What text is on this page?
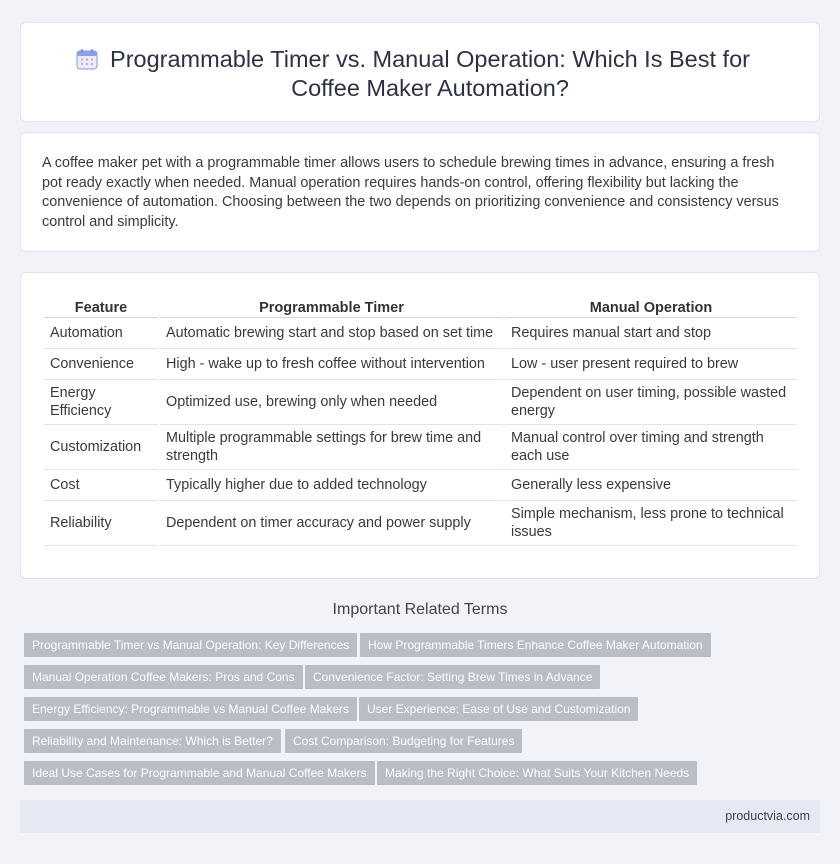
Programmable Timer vs. Manual Operation: Which Is Best for Coffee Maker Automation?

A coffee maker pet with a programmable timer allows users to schedule brewing times in advance, ensuring a fresh pot ready exactly when needed. Manual operation requires hands-on control, offering flexibility but lacking the convenience of automation. Choosing between the two depends on prioritizing convenience and consistency versus control and simplicity.

Feature	Programmable Timer	Manual Operation
Automation	Automatic brewing start and stop based on set time	Requires manual start and stop
Convenience	High - wake up to fresh coffee without intervention	Low - user present required to brew
Energy Efficiency	Optimized use, brewing only when needed	Dependent on user timing, possible wasted energy
Customization	Multiple programmable settings for brew time and strength	Manual control over timing and strength each use
Cost	Typically higher due to added technology	Generally less expensive
Reliability	Dependent on timer accuracy and power supply	Simple mechanism, less prone to technical issues
Important Related Terms
Programmable Timer vs Manual Operation: Key Differences	How Programmable Timers Enhance Coffee Maker Automation
Manual Operation Coffee Makers: Pros and Cons	Convenience Factor: Setting Brew Times in Advance
Energy Efficiency: Programmable vs Manual Coffee Makers	User Experience: Ease of Use and Customization
Reliability and Maintenance: Which is Better?	Cost Comparison: Budgeting for Features
Ideal Use Cases for Programmable and Manual Coffee Makers	Making the Right Choice: What Suits Your Kitchen Needs
productvia.com
